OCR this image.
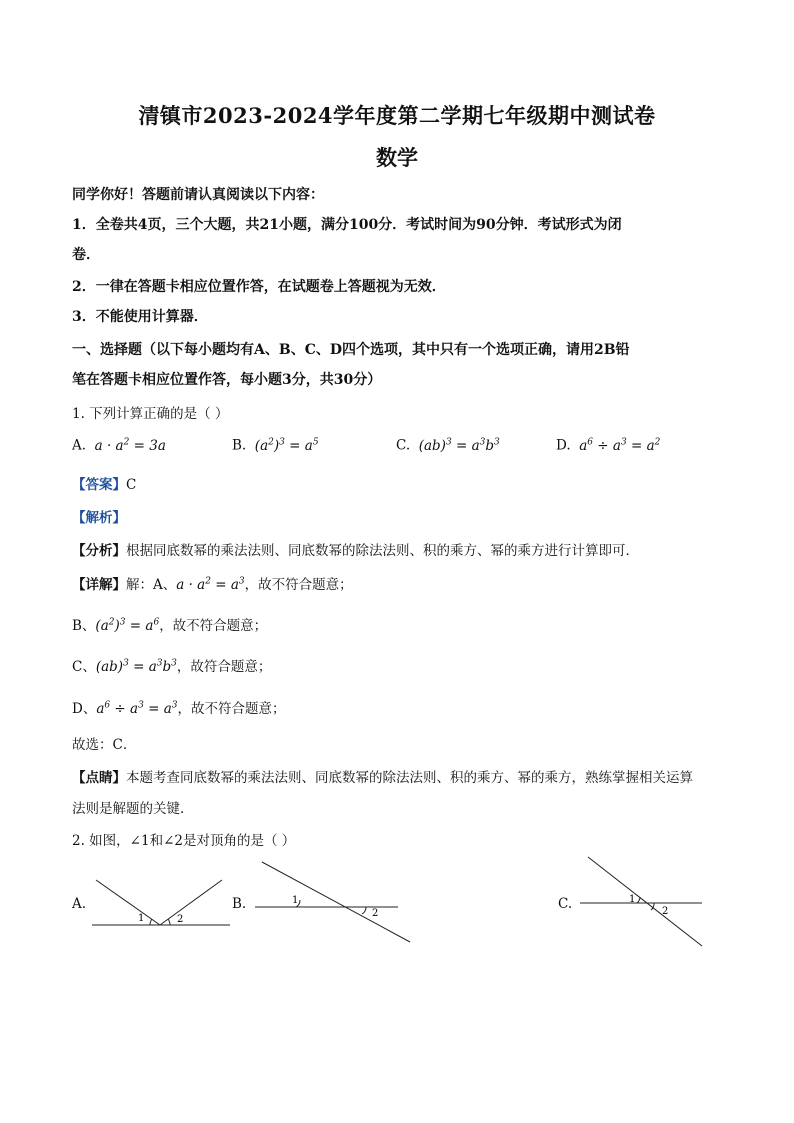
清镇市2023-2024学年度第二学期七年级期中测试卷
数学
同学你好！答题前请认真阅读以下内容：
1．全卷共4页，三个大题，共21小题，满分100分．考试时间为90分钟．考试形式为闭
卷．
2．一律在答题卡相应位置作答，在试题卷上答题视为无效．
3．不能使用计算器．
一、选择题（以下每小题均有A、B、C、D四个选项，其中只有一个选项正确，请用2B铅
笔在答题卡相应位置作答，每小题3分，共30分）
1. 下列计算正确的是（ ）
A.  $a \cdot a^2 = 3a$	B.  $(a^2)^3 = a^5$	C.  $(ab)^3 = a^3b^3$	D.  $a^6 \div a^3 = a^2$
【答案】C
【解析】
【分析】根据同底数幂的乘法法则、同底数幂的除法法则、积的乘方、幂的乘方进行计算即可．
【详解】解：A、$a \cdot a^2 = a^3$，故不符合题意；
B、$(a^2)^3 = a^6$，故不符合题意；
C、$(ab)^3 = a^3b^3$，故符合题意；
D、$a^6 \div a^3 = a^3$，故不符合题意；
故选：C．
【点睛】本题考查同底数幂的乘法法则、同底数幂的除法法则、积的乘方、幂的乘方，熟练掌握相关运算
法则是解题的关键．
2. 如图，∠1和∠2是对顶角的是（ ）
A.	B.	C.
1	2
1
2
1
2
